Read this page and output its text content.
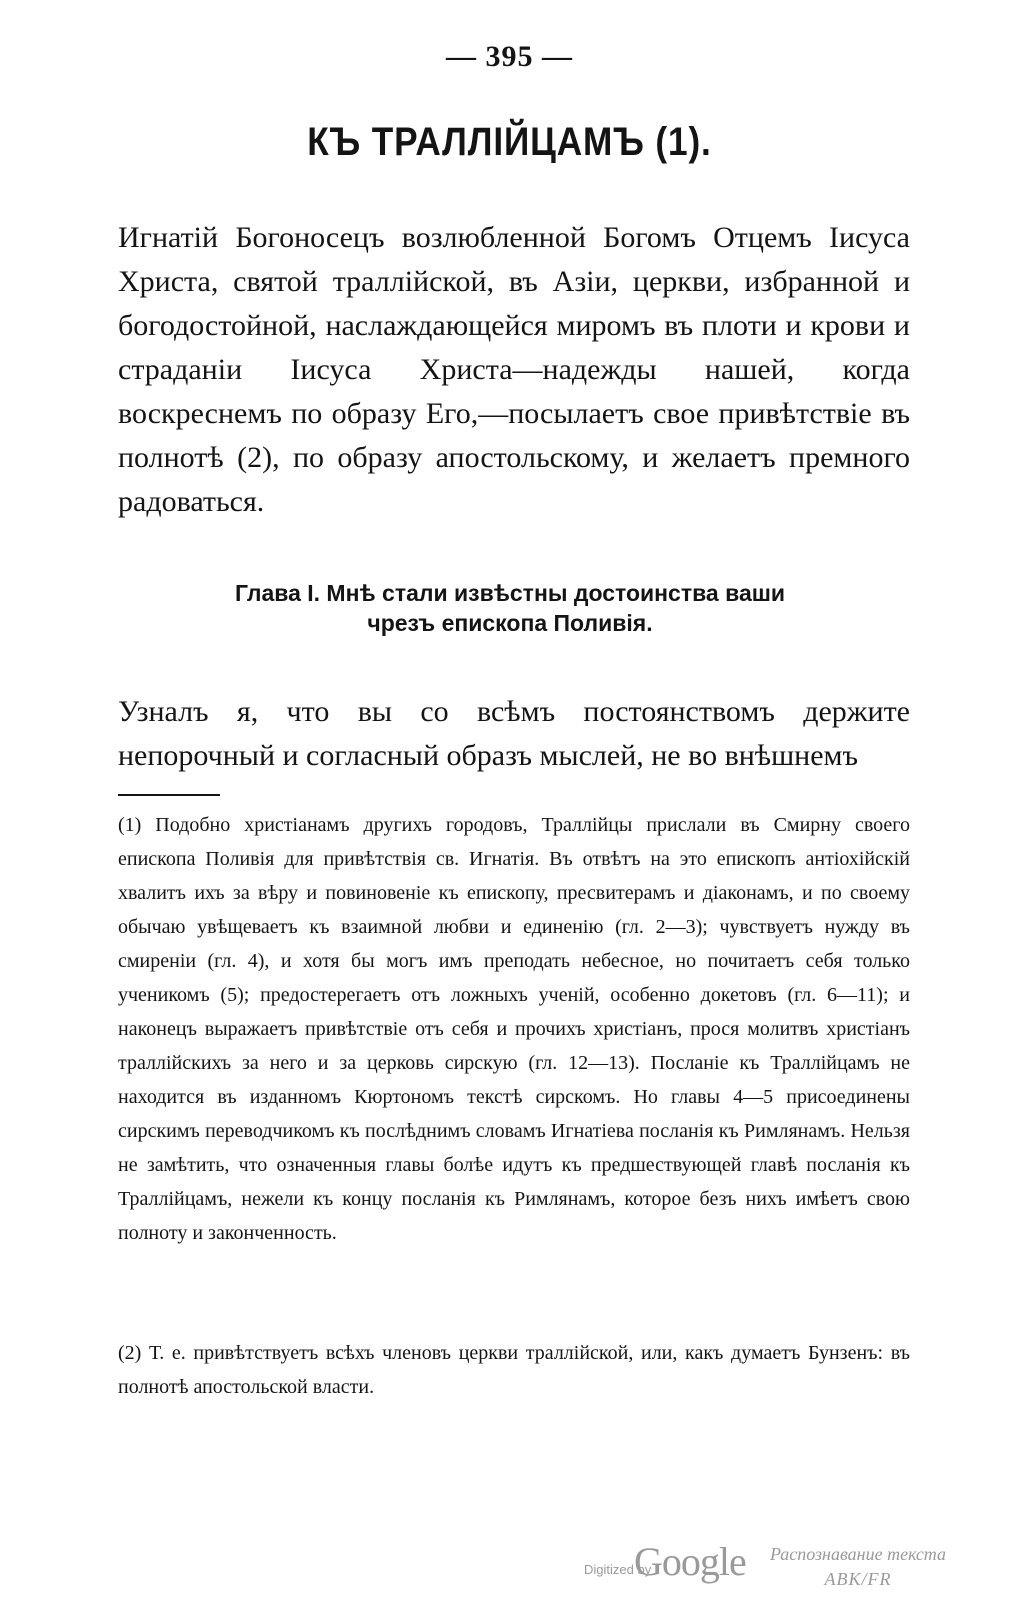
— 395 —
КЪ ТРАЛЛІЙЦАМЪ (1).
Игнатій Богоносецъ возлюбленной Богомъ Отцемъ Іисуса Христа, святой траллійской, въ Азіи, церкви, избранной и богодостойной, наслаждающейся миромъ въ плоти и крови и страданіи Іисуса Христа—надежды нашей, когда воскреснемъ по образу Его,—посылаетъ свое привѣтствіе въ полнотѣ (2), по образу апостольскому, и желаетъ премного радоваться.
Глава I. Мнѣ стали извѣстны достоинства ваши
чрезъ епископа Поливія.
Узналъ я, что вы со всѣмъ постоянствомъ держите непорочный и согласный образъ мыслей, не во внѣшнемъ
(1) Подобно христіанамъ другихъ городовъ, Траллійцы прислали въ Смирну своего епископа Поливія для привѣтствія св. Игнатія. Въ отвѣтъ на это епископъ антіохійскій хвалитъ ихъ за вѣру и повиновеніе къ епископу, пресвитерамъ и діаконамъ, и по своему обычаю увѣщеваетъ къ взаимной любви и единенію (гл. 2—3); чувствуетъ нужду въ смиреніи (гл. 4), и хотя бы могъ имъ преподать небесное, но почитаетъ себя только ученикомъ (5); предостерегаетъ отъ ложныхъ ученій, особенно докетовъ (гл. 6—11); и наконецъ выражаетъ привѣтствіе отъ себя и прочихъ христіанъ, прося молитвъ христіанъ траллійскихъ за него и за церковь сирскую (гл. 12—13). Посланіе къ Траллійцамъ не находится въ изданномъ Кюртономъ текстѣ сирскомъ. Но главы 4—5 присоединены сирскимъ переводчикомъ къ послѣднимъ словамъ Игнатіева посланія къ Римлянамъ. Нельзя не замѣтить, что означенныя главы болѣе идутъ къ предшествующей главѣ посланія къ Траллійцамъ, нежели къ концу посланія къ Римлянамъ, которое безъ нихъ имѣетъ свою полноту и законченность.
(2) Т. е. привѣтствуетъ всѣхъ членовъ церкви траллійской, или, какъ думаетъ Бунзенъ: въ полнотѣ апостольской власти.
Digitized by
Google	Распознавание текста
ABK/FR
